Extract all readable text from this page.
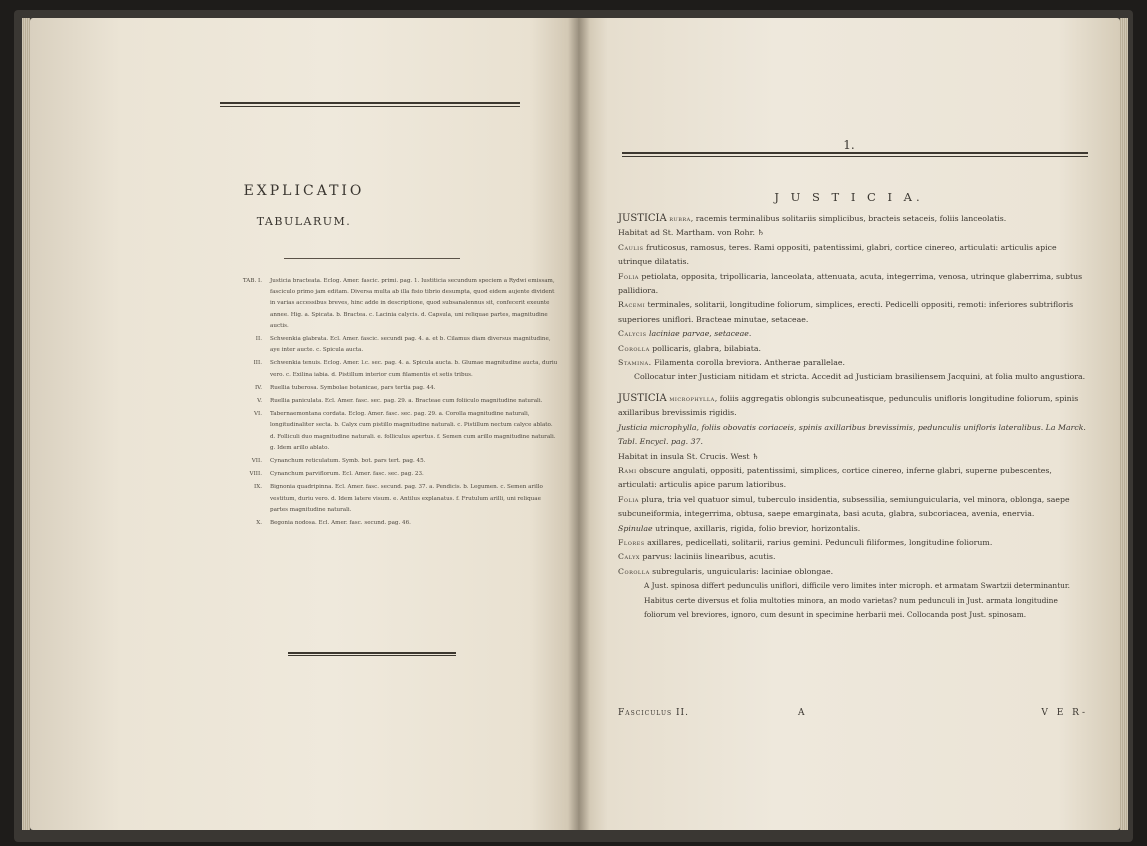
EXPLICATIO
TABULARUM.
TAB. I. Justicia bracteata. Eclog. Amer. fascic. primi. pag. 1. Iustiticia secundum speciem a Rydwi emissam, fasciculo primo jam editam. Diversa multa ab illa fisio tibrio desumpta, quod eidem aujente divident in varias accessibus breves, hinc adde in descriptione, quod subsanalennus sit, confecerit exeunte annee. Hig. a. Spicata. b. Bractea. c. Lacinia calycis. d. Capsula, uni reliquae partes, magnitudine auctis.
II. Schwenkia glabrata. Ecl. Amer. fascic. secundi pag. 4. a. et b. Cilamus diam diversus magnitudine, aye inter aucte. c. Spicula aucta.
III. Schwenkia tenuis. Eclog. Amer. l.c. sec. pag. 4. a. Spicula aucta. b. Glumae magnitudine aucta, duriu vero. c. Exilina iabia. d. Pistillum interior cum filamentis et setis tribus.
IV. Ruellia tuberosa. Symbolae botanicae, pars tertia pag. 44.
V. Ruellia paniculata. Ecl. Amer. fasc. sec. pag. 29. a. Bracteae cum foliiculo magnitudine naturali.
VI. Tabernaemontana cordata. Eclog. Amer. fasc. sec. pag. 29. a. Corolla magnitudine naturali, longitudinaliter secta. b. Calyx cum pistillo magnitudine naturali. c. Pistillum nectum calyce ablato. d. Folliculi duo magnitudine naturali. e. folliculus apertus. f. Semen cum arillo magnitudine naturali. g. Idem arillo ablato.
VII. Cynanchum reticulatum. Symb. bot. pars tert. pag. 45.
VIII. Cynanchum parviflorum. Ecl. Amer. fasc. sec. pag. 23.
IX. Bignonia quadripinna. Ecl. Amer. fasc. secund. pag. 37. a. Pendicis. b. Legumen. c. Semen arillo vestitum, duriu vero. d. Idem latere visum. e. Antilus explanatus. f. Frutulum arilli, uni reliquae partes magnitudine naturali.
X. Begonia nodosa. Ecl. Amer. fasc. secund. pag. 46.
1.
J U S T I C I A.

JUSTICIA rubra, racemis terminalibus solitariis simplicibus, bracteis setaceis, foliis lanceolatis.

Habitat ad St. Martham. von Rohr. ♄

Caulis fruticosus, ramosus, teres. Rami oppositi, patentissimi, glabri, cortice cinereo, articulati: articulis apice utrinque dilatatis.

Folia petiolata, opposita, tripollicaria, lanceolata, attenuata, acuta, integerrima, venosa, utrinque glaberrima, subtus pallidiora.

Racemi terminales, solitarii, longitudine foliorum, simplices, erecti. Pedicelli oppositi, remoti: inferiores subtrifloris superiores uniflori. Bracteae minutae, setaceae.

Calycis laciniae parvae, setaceae.

Corolla pollicaris, glabra, bilabiata.

Stamina. Filamenta corolla breviora. Antherae parallelae.

Collocatur inter Justiciam nitidam et stricta. Accedit ad Justiciam brasiliensem Jacquini, at folia multo angustiora.

JUSTICIA microphylla, foliis aggregatis oblongis subcuneatisque, pedunculis unifloris longitudine foliorum, spinis axillaribus brevissimis rigidis.

Justicia microphylla, foliis obovatis coriaceis, spinis axillaribus brevissimis, pedunculis unifloris lateralibus. La Marck. Tabl. Encycl. pag. 37.

Habitat in insula St. Crucis. West ♄

Rami obscure angulati, oppositi, patentissimi, simplices, cortice cinereo, inferne glabri, superne pubescentes, articulati: articulis apice parum latioribus.

Folia plura, tria vel quatuor simul, tuberculo insidentia, subsessilia, semiunguicularia, vel minora, oblonga, saepe subcuneiformia, integerrima, obtusa, saepe emarginata, basi acuta, glabra, subcoriacea, avenia, enervia.

Spinulae utrinque, axillaris, rigida, folio brevior, horizontalis.

Flores axillares, pedicellati, solitarii, rarius gemini. Pedunculi filiformes, longitudine foliorum.

Calyx parvus: laciniis linearibus, acutis.

Corolla subregularis, unguicularis: laciniae oblongae.

A Just. spinosa differt pedunculis uniflori, difficile vero limites inter microph. et armatam Swartzii determinantur. Habitus certe diversus et folia multoties minora, an modo varietas? num pedunculi in Just. armata longitudine foliorum vel breviores, ignoro, cum desunt in specimine herbarii mei. Collocanda post Just. spinosam.

Fasciculus II.	A	V E R-
